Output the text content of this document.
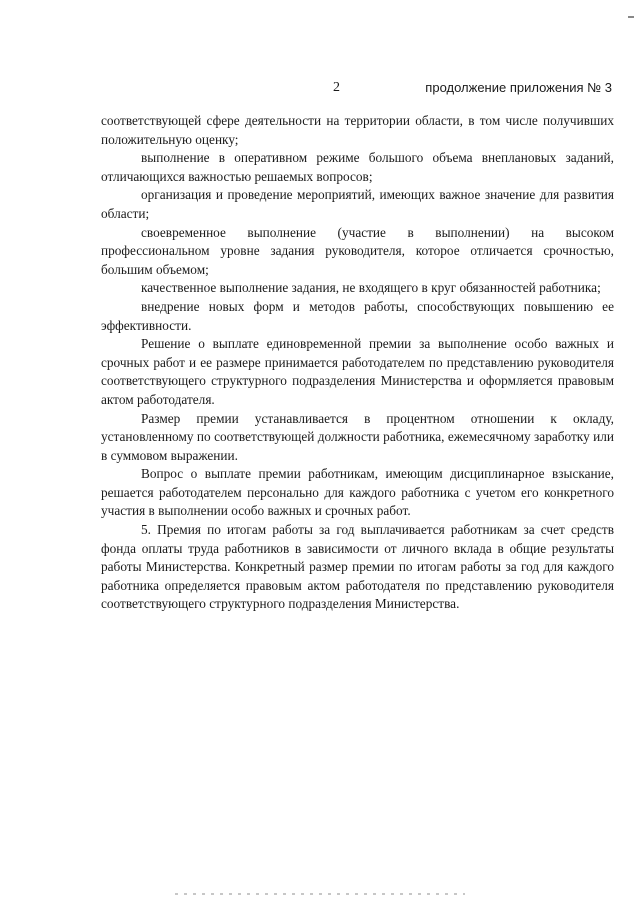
2	продолжение приложения № 3

соответствующей сфере деятельности на территории области, в том числе получивших положительную оценку;

выполнение в оперативном режиме большого объема внеплановых заданий, отличающихся важностью решаемых вопросов;

организация и проведение мероприятий, имеющих важное значение для развития области;

своевременное выполнение (участие в выполнении) на высоком профессиональном уровне задания руководителя, которое отличается срочностью, большим объемом;

качественное выполнение задания, не входящего в круг обязанностей работника;

внедрение новых форм и методов работы, способствующих повышению ее эффективности.

Решение о выплате единовременной премии за выполнение особо важных и срочных работ и ее размере принимается работодателем по представлению руководителя соответствующего структурного подразделения Министерства и оформляется правовым актом работодателя.

Размер премии устанавливается в процентном отношении к окладу, установленному по соответствующей должности работника, ежемесячному заработку или в суммовом выражении.

Вопрос о выплате премии работникам, имеющим дисциплинарное взыскание, решается работодателем персонально для каждого работника с учетом его конкретного участия в выполнении особо важных и срочных работ.

5. Премия по итогам работы за год выплачивается работникам за счет средств фонда оплаты труда работников в зависимости от личного вклада в общие результаты работы Министерства. Конкретный размер премии по итогам работы за год для каждого работника определяется правовым актом работодателя по представлению руководителя соответствующего структурного подразделения Министерства.
